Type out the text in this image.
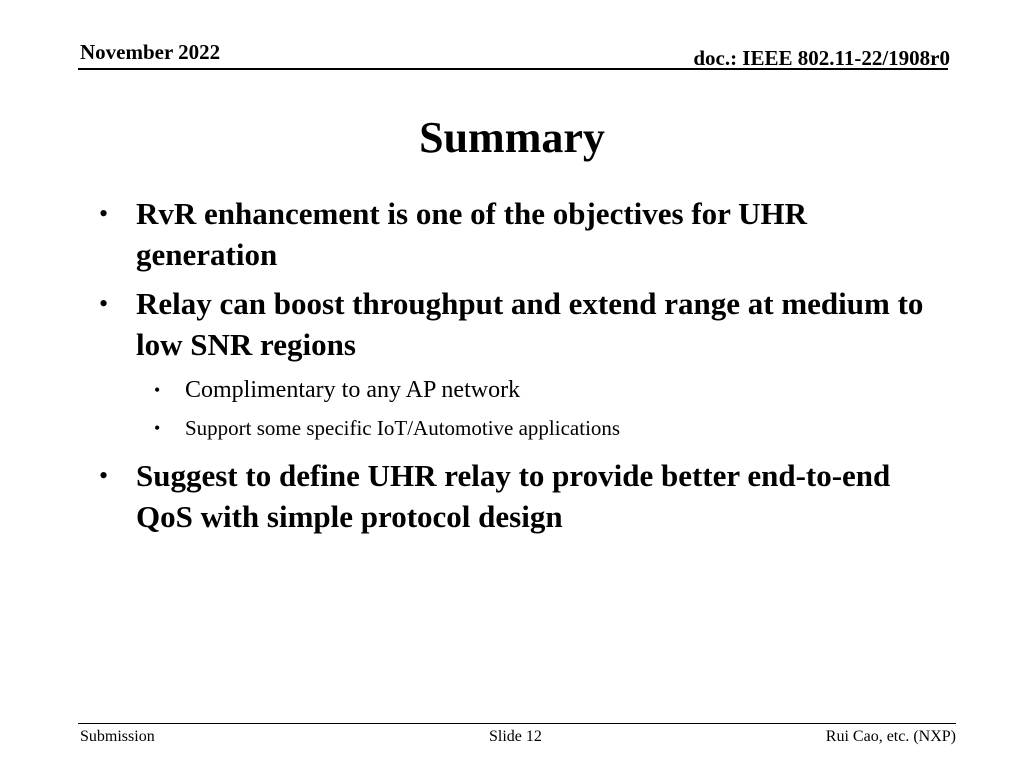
November 2022	doc.: IEEE 802.11-22/1908r0
Summary
• RvR enhancement is one of the objectives for UHR generation
• Relay can boost throughput and extend range at medium to low SNR regions
• Complimentary to any AP network
• Support some specific IoT/Automotive applications
• Suggest to define UHR relay to provide better end-to-end QoS with simple protocol design
Submission	Slide 12	Rui Cao, etc. (NXP)
